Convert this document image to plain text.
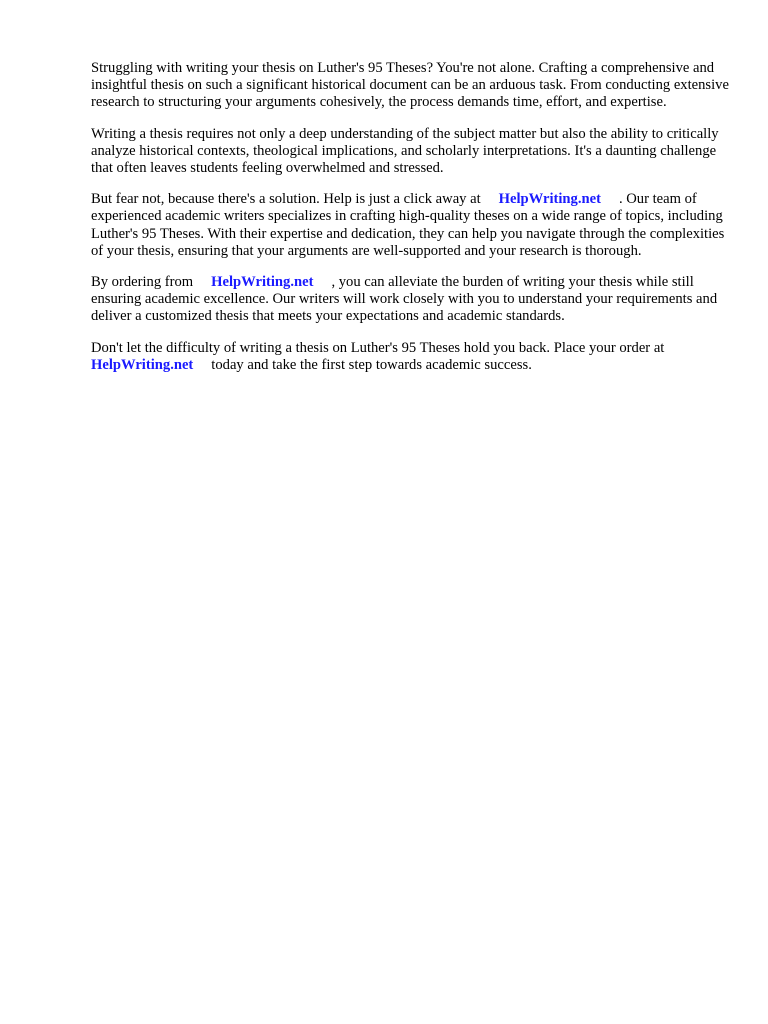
Struggling with writing your thesis on Luther's 95 Theses? You're not alone. Crafting a comprehensive and insightful thesis on such a significant historical document can be an arduous task. From conducting extensive research to structuring your arguments cohesively, the process demands time, effort, and expertise.

Writing a thesis requires not only a deep understanding of the subject matter but also the ability to critically analyze historical contexts, theological implications, and scholarly interpretations. It's a daunting challenge that often leaves students feeling overwhelmed and stressed.

But fear not, because there's a solution. Help is just a click away at HelpWriting.net . Our team of experienced academic writers specializes in crafting high-quality theses on a wide range of topics, including Luther's 95 Theses. With their expertise and dedication, they can help you navigate through the complexities of your thesis, ensuring that your arguments are well-supported and your research is thorough.

By ordering from HelpWriting.net , you can alleviate the burden of writing your thesis while still ensuring academic excellence. Our writers will work closely with you to understand your requirements and deliver a customized thesis that meets your expectations and academic standards.

Don't let the difficulty of writing a thesis on Luther's 95 Theses hold you back. Place your order at HelpWriting.net today and take the first step towards academic success.
